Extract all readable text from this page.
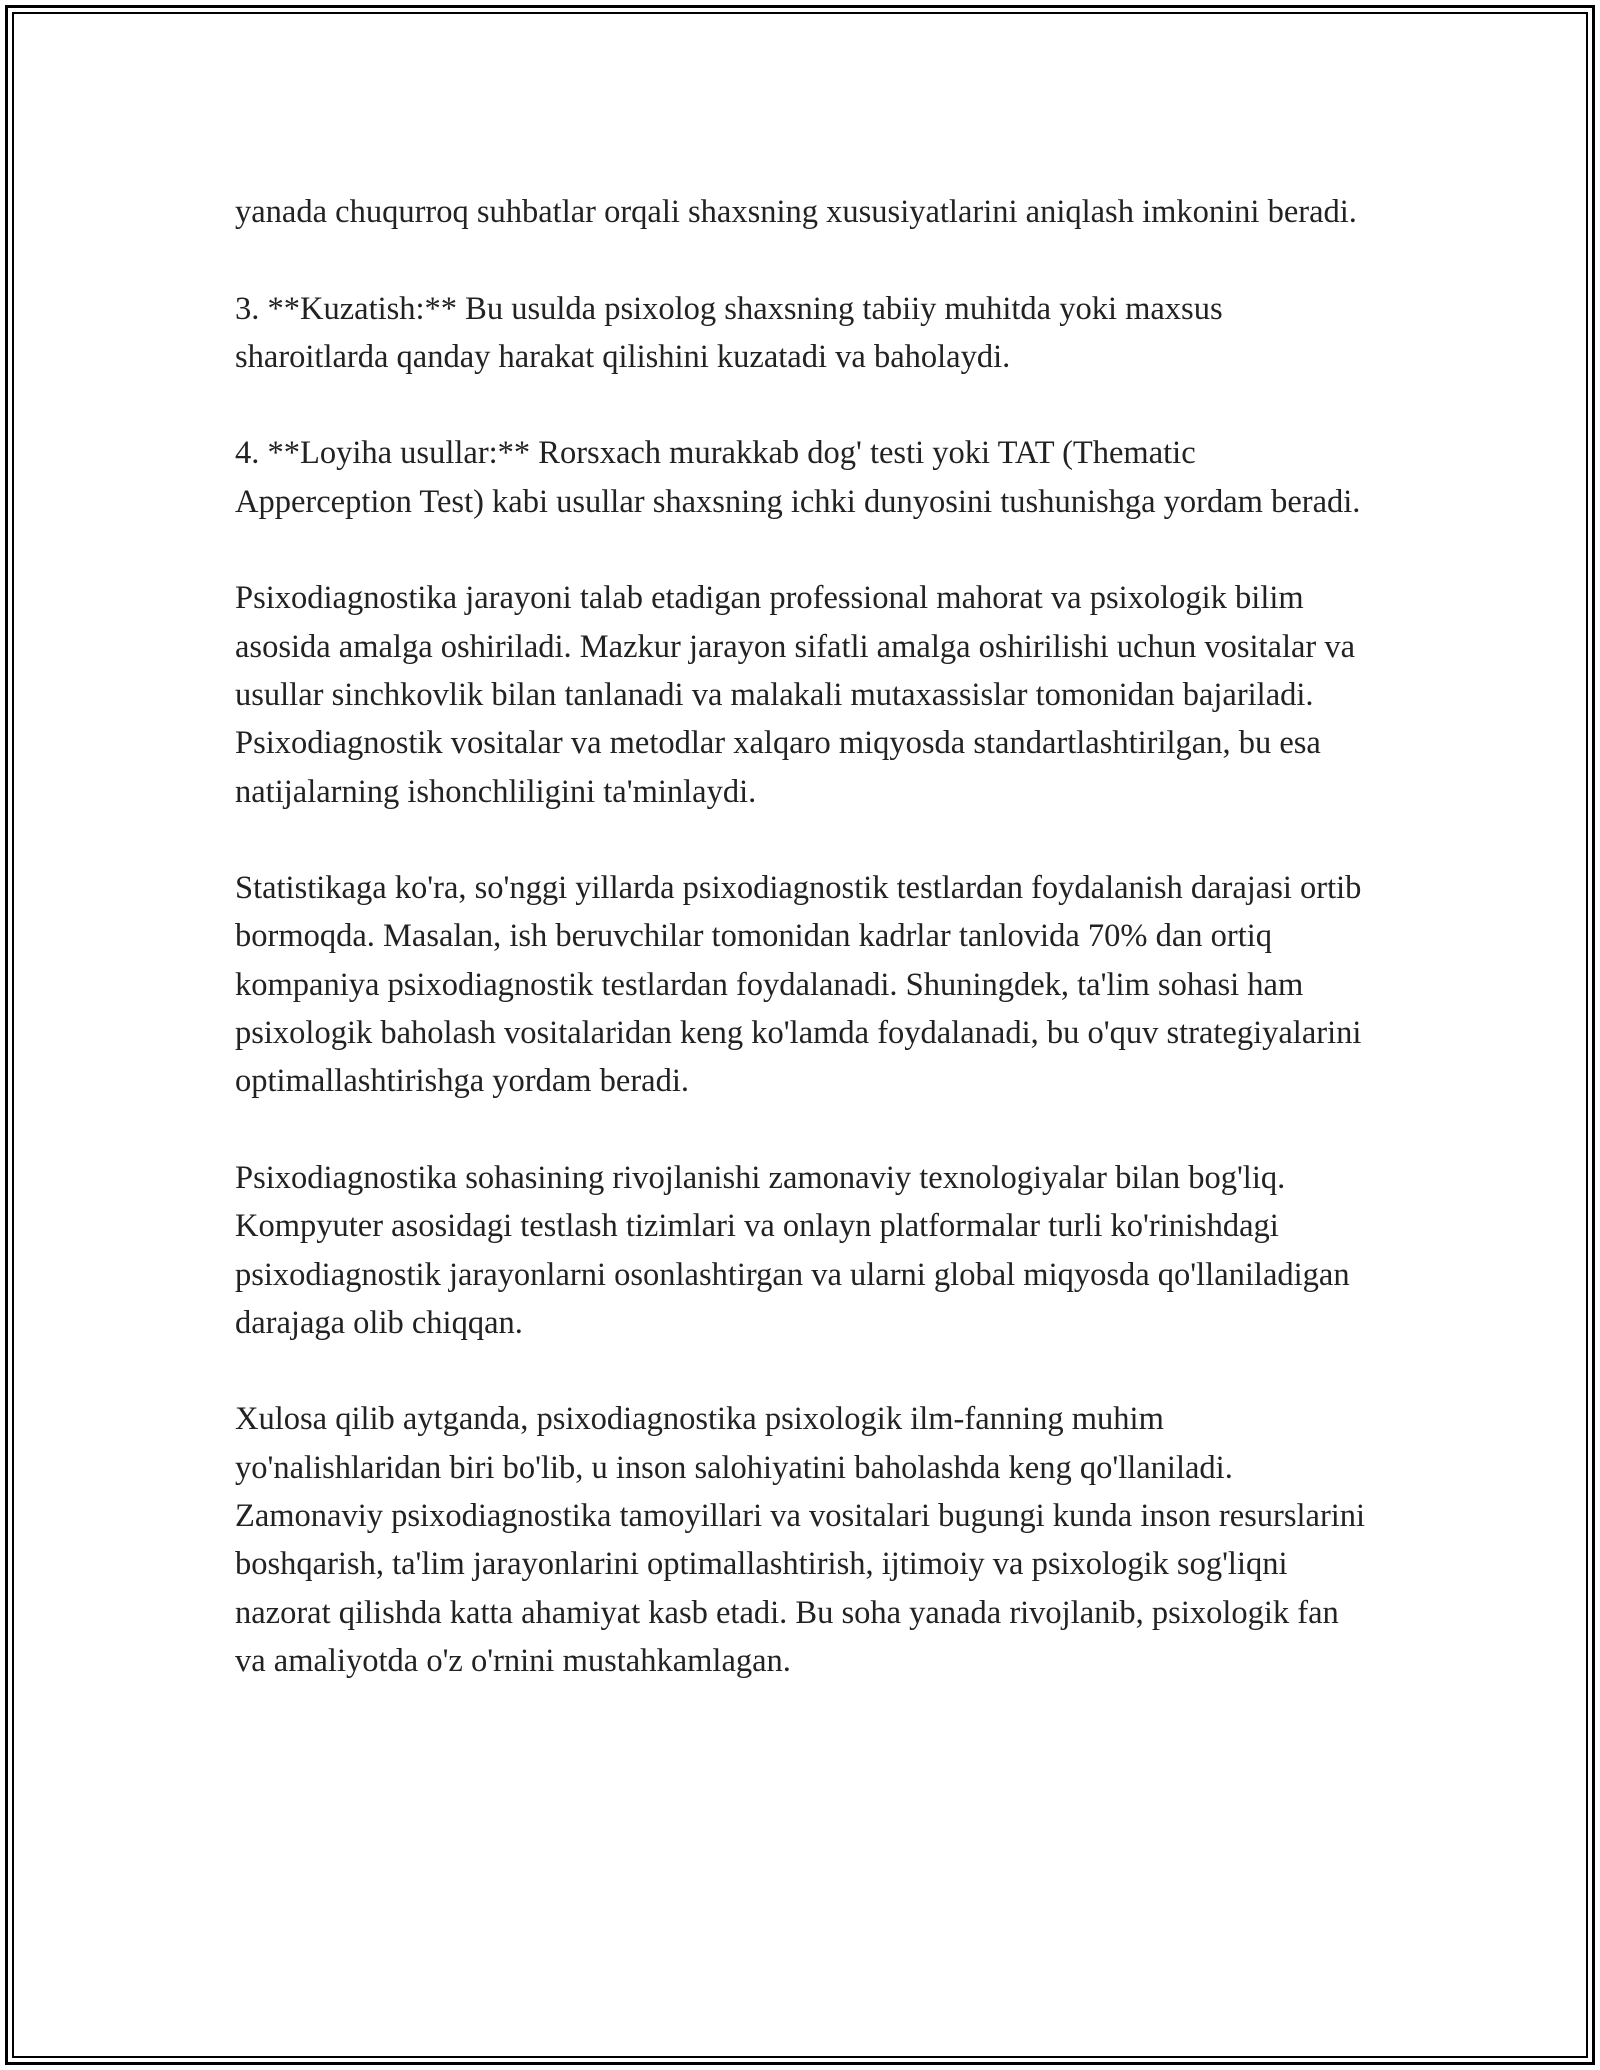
yanada chuqurroq suhbatlar orqali shaxsning xususiyatlarini aniqlash imkonini beradi.

3. **Kuzatish:** Bu usulda psixolog shaxsning tabiiy muhitda yoki maxsus sharoitlarda qanday harakat qilishini kuzatadi va baholaydi.

4. **Loyiha usullar:** Rorsxach murakkab dog' testi yoki TAT (Thematic Apperception Test) kabi usullar shaxsning ichki dunyosini tushunishga yordam beradi.

Psixodiagnostika jarayoni talab etadigan professional mahorat va psixologik bilim asosida amalga oshiriladi. Mazkur jarayon sifatli amalga oshirilishi uchun vositalar va usullar sinchkovlik bilan tanlanadi va malakali mutaxassislar tomonidan bajariladi. Psixodiagnostik vositalar va metodlar xalqaro miqyosda standartlashtirilgan, bu esa natijalarning ishonchliligini ta'minlaydi.

Statistikaga ko'ra, so'nggi yillarda psixodiagnostik testlardan foydalanish darajasi ortib bormoqda. Masalan, ish beruvchilar tomonidan kadrlar tanlovida 70% dan ortiq kompaniya psixodiagnostik testlardan foydalanadi. Shuningdek, ta'lim sohasi ham psixologik baholash vositalaridan keng ko'lamda foydalanadi, bu o'quv strategiyalarini optimallashtirishga yordam beradi.

Psixodiagnostika sohasining rivojlanishi zamonaviy texnologiyalar bilan bog'liq. Kompyuter asosidagi testlash tizimlari va onlayn platformalar turli ko'rinishdagi psixodiagnostik jarayonlarni osonlashtirgan va ularni global miqyosda qo'llaniladigan darajaga olib chiqqan.

Xulosa qilib aytganda, psixodiagnostika psixologik ilm-fanning muhim yo'nalishlaridan biri bo'lib, u inson salohiyatini baholashda keng qo'llaniladi. Zamonaviy psixodiagnostika tamoyillari va vositalari bugungi kunda inson resurslarini boshqarish, ta'lim jarayonlarini optimallashtirish, ijtimoiy va psixologik sog'liqni nazorat qilishda katta ahamiyat kasb etadi. Bu soha yanada rivojlanib, psixologik fan va amaliyotda o'z o'rnini mustahkamlagan.
